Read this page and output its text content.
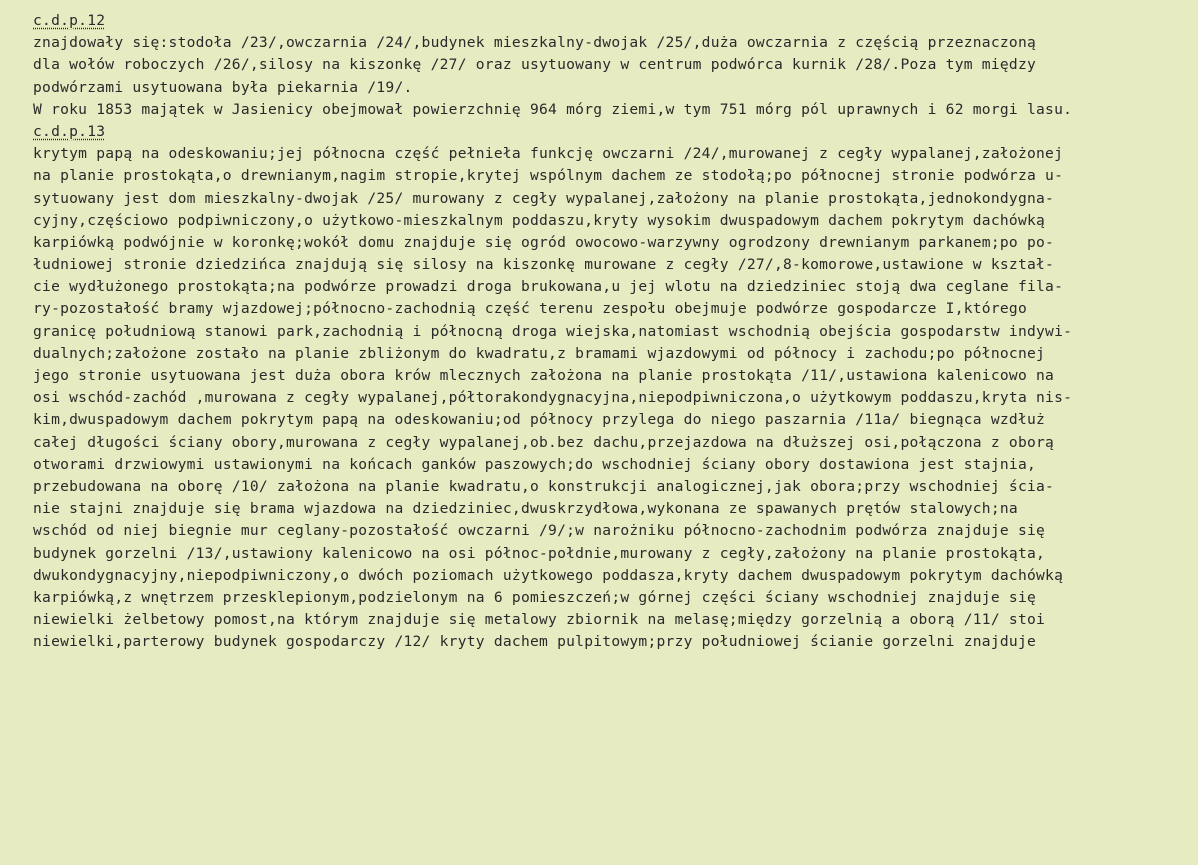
c.d.p.12
znajdowały się:stodoła /23/,owczarnia /24/,budynek mieszkalny-dwojak /25/,duża owczarnia z częścią przeznaczoną
dla wołów roboczych /26/,silosy na kiszonkę /27/ oraz usytuowany w centrum podwórca kurnik /28/.Poza tym między
podwórzami usytuowana była piekarnia /19/.
W roku 1853 majątek w Jasienicy obejmował powierzchnię 964 mórg ziemi,w tym 751 mórg pól uprawnych i 62 morgi lasu.
c.d.p.13
krytym papą na odeskowaniu;jej północna część pełniełа funkcję owczarni /24/,murowanej z cegły wypalanej,założonej
na planie prostokąta,o drewnianym,nagim stropie,krytej wspólnym dachem ze stodołą;po północnej stronie podwórza u-
sytuowany jest dom mieszkalny-dwojak /25/ murowany z cegły wypalanej,założony na planie prostokąta,jednokondygna-
cyjny,częściowo podpiwniczony,o użytkowo-mieszkalnym poddaszu,kryty wysokim dwuspadowym dachem pokrytym dachówką
karpiówką podwójnie w koronkę;wokół domu znajduje się ogród owocowo-warzywny ogrodzony drewnianym parkanem;po po-
łudniowej stronie dziedzińca znajdują się silosy na kiszonkę murowane z cegły /27/,8-komorowe,ustawione w kształ-
cie wydłużonego prostokąta;na podwórze prowadzi droga brukowana,u jej wlotu na dziedziniec stoją dwa ceglane fila-
ry-pozostałość bramy wjazdowej;północno-zachodnią część terenu zespołu obejmuje podwórze gospodarcze I,którego
granicę południową stanowi park,zachodnią i północną droga wiejska,natomiast wschodnią obejścia gospodarstw indywi-
dualnych;założone zostało na planie zbliżonym do kwadratu,z bramami wjazdowymi od północy i zachodu;po północnej
jego stronie usytuowana jest duża obora krów mlecznych założona na planie prostokąta /11/,ustawiona kalenicowo na
osi wschód-zachód ,murowana z cegły wypalanej,półtorakondygnacyjna,niepodpiwniczona,o użytkowym poddaszu,kryta nis-
kim,dwuspadowym dachem pokrytym papą na odeskowaniu;od północy przylega do niego paszarnia /11a/ biegnąca wzdłuż
całej długości ściany obory,murowana z cegły wypalanej,ob.bez dachu,przejazdowa na dłuższej osi,połączona z oborą
otworami drzwiowymi ustawionymi na końcach ganków paszowych;do wschodniej ściany obory dostawiona jest stajnia,
przebudowana na oborę /10/ założona na planie kwadratu,o konstrukcji analogicznej,jak obora;przy wschodniej ścia-
nie stajni znajduje się brama wjazdowa na dziedziniec,dwuskrzydłowa,wykonana ze spawanych prętów stalowych;na
wschód od niej biegnie mur ceglany-pozostałość owczarni /9/;w narożniku północno-zachodnim podwórza znajduje się
budynek gorzelni /13/,ustawiony kalenicowo na osi północ-połdnie,murowany z cegły,założony na planie prostokąta,
dwukondygnacyjny,niepodpiwniczony,o dwóch poziomach użytkowego poddasza,kryty dachem dwuspadowym pokrytym dachówką
karpiówką,z wnętrzem przesklepionym,podzielonym na 6 pomieszczeń;w górnej części ściany wschodniej znajduje się
niewielki żelbetowy pomost,na którym znajduje się metalowy zbiornik na melasę;między gorzelnią a oborą /11/ stoi
niewielki,parterowy budynek gospodarczy /12/ kryty dachem pulpitowym;przy południowej ścianie gorzelni znajduje
